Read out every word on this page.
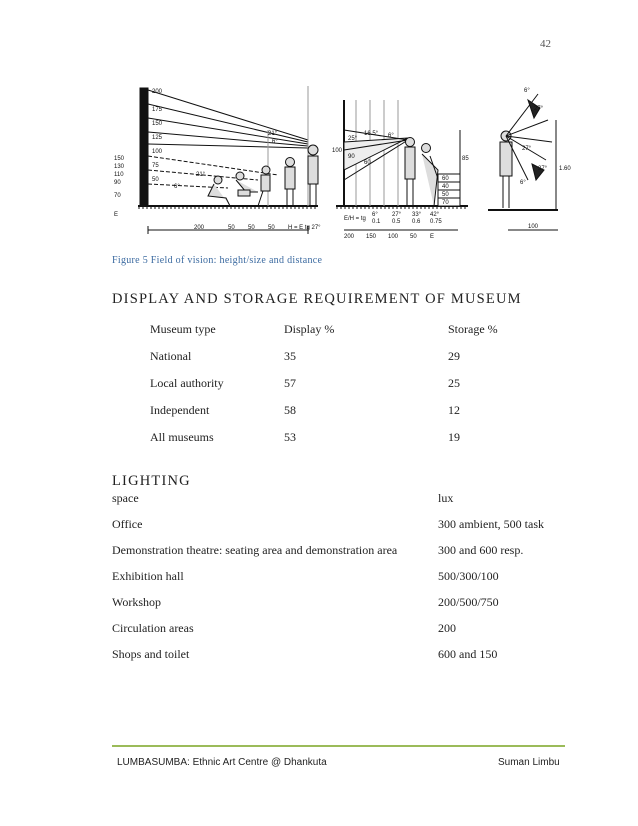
42
200
175
150
125
100
75
50
150
130
110
90
70
21°
6°
21°
6°
E
200	50 50 50 H = E tg 27°
25°
16.5° 6°
100
90
60
85
60
40
50
70
E/H = tg
6° 27° 33° 42°
0.1 0.5 0.6 0.75
200 150 100 50 E
6°
27°
27°
27°
6°
1.60
100
Figure 5 Field of vision: height/size and distance
DISPLAY AND STORAGE REQUIREMENT OF MUSEUM
Museum type	Display %	Storage %
National	35	29
Local authority	57	25
Independent	58	12
All museums	53	19
LIGHTING
space	lux
Office	300 ambient, 500 task
Demonstration theatre: seating area and demonstration area	300 and 600 resp.
Exhibition hall	500/300/100
Workshop	200/500/750
Circulation areas	200
Shops and toilet	600 and 150
LUMBASUMBA: Ethnic Art Centre @ Dhankuta	Suman Limbu
